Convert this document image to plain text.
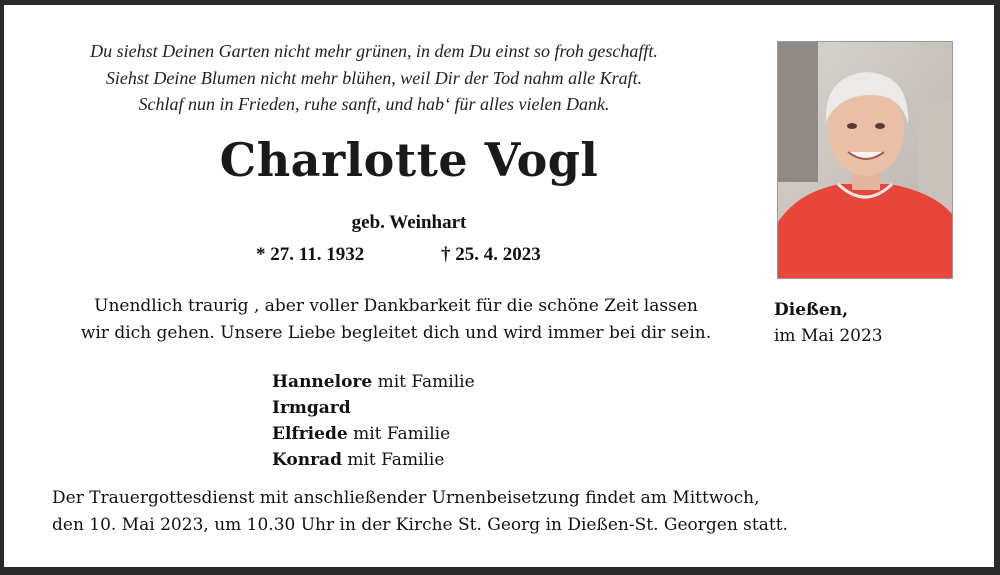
Du siehst Deinen Garten nicht mehr grünen, in dem Du einst so froh geschafft.
Siehst Deine Blumen nicht mehr blühen, weil Dir der Tod nahm alle Kraft.
Schlaf nun in Frieden, ruhe sanft, und hab‘ für alles vielen Dank.
Charlotte Vogl
geb. Weinhart
* 27. 11. 1932	† 25. 4. 2023
Dießen,
im Mai 2023
Unendlich traurig , aber voller Dankbarkeit für die schöne Zeit lassen
wir dich gehen. Unsere Liebe begleitet dich und wird immer bei dir sein.
Hannelore mit Familie
Irmgard
Elfriede mit Familie
Konrad mit Familie
Der Trauergottesdienst mit anschließender Urnenbeisetzung findet am Mittwoch,
den 10. Mai 2023, um 10.30 Uhr in der Kirche St. Georg in Dießen-St. Georgen statt.
